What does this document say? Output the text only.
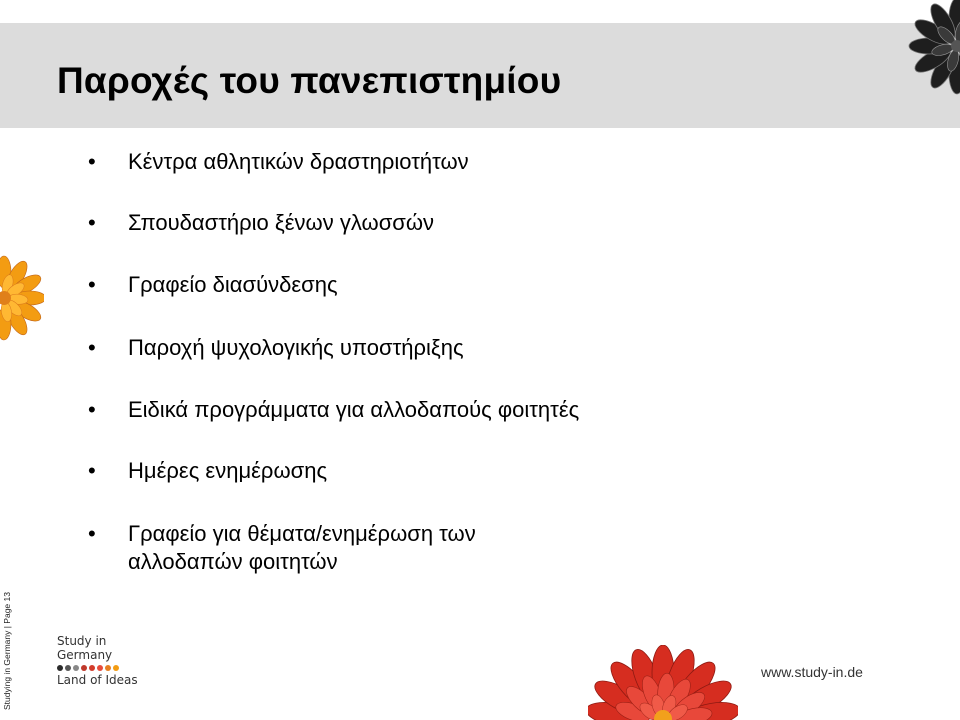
Παροχές του πανεπιστημίου
• Κέντρα αθλητικών δραστηριοτήτων
• Σπουδαστήριο ξένων γλωσσών
• Γραφείο διασύνδεσης
• Παροχή ψυχολογικής υποστήριξης
• Ειδικά προγράμματα για αλλοδαπούς φοιτητές
• Ημέρες ενημέρωσης
• Γραφείο για θέματα/ενημέρωση των αλλοδαπών φοιτητών
Studying in Germany | Page 13	Study in
Germany
Land of Ideas	www.study-in.de
